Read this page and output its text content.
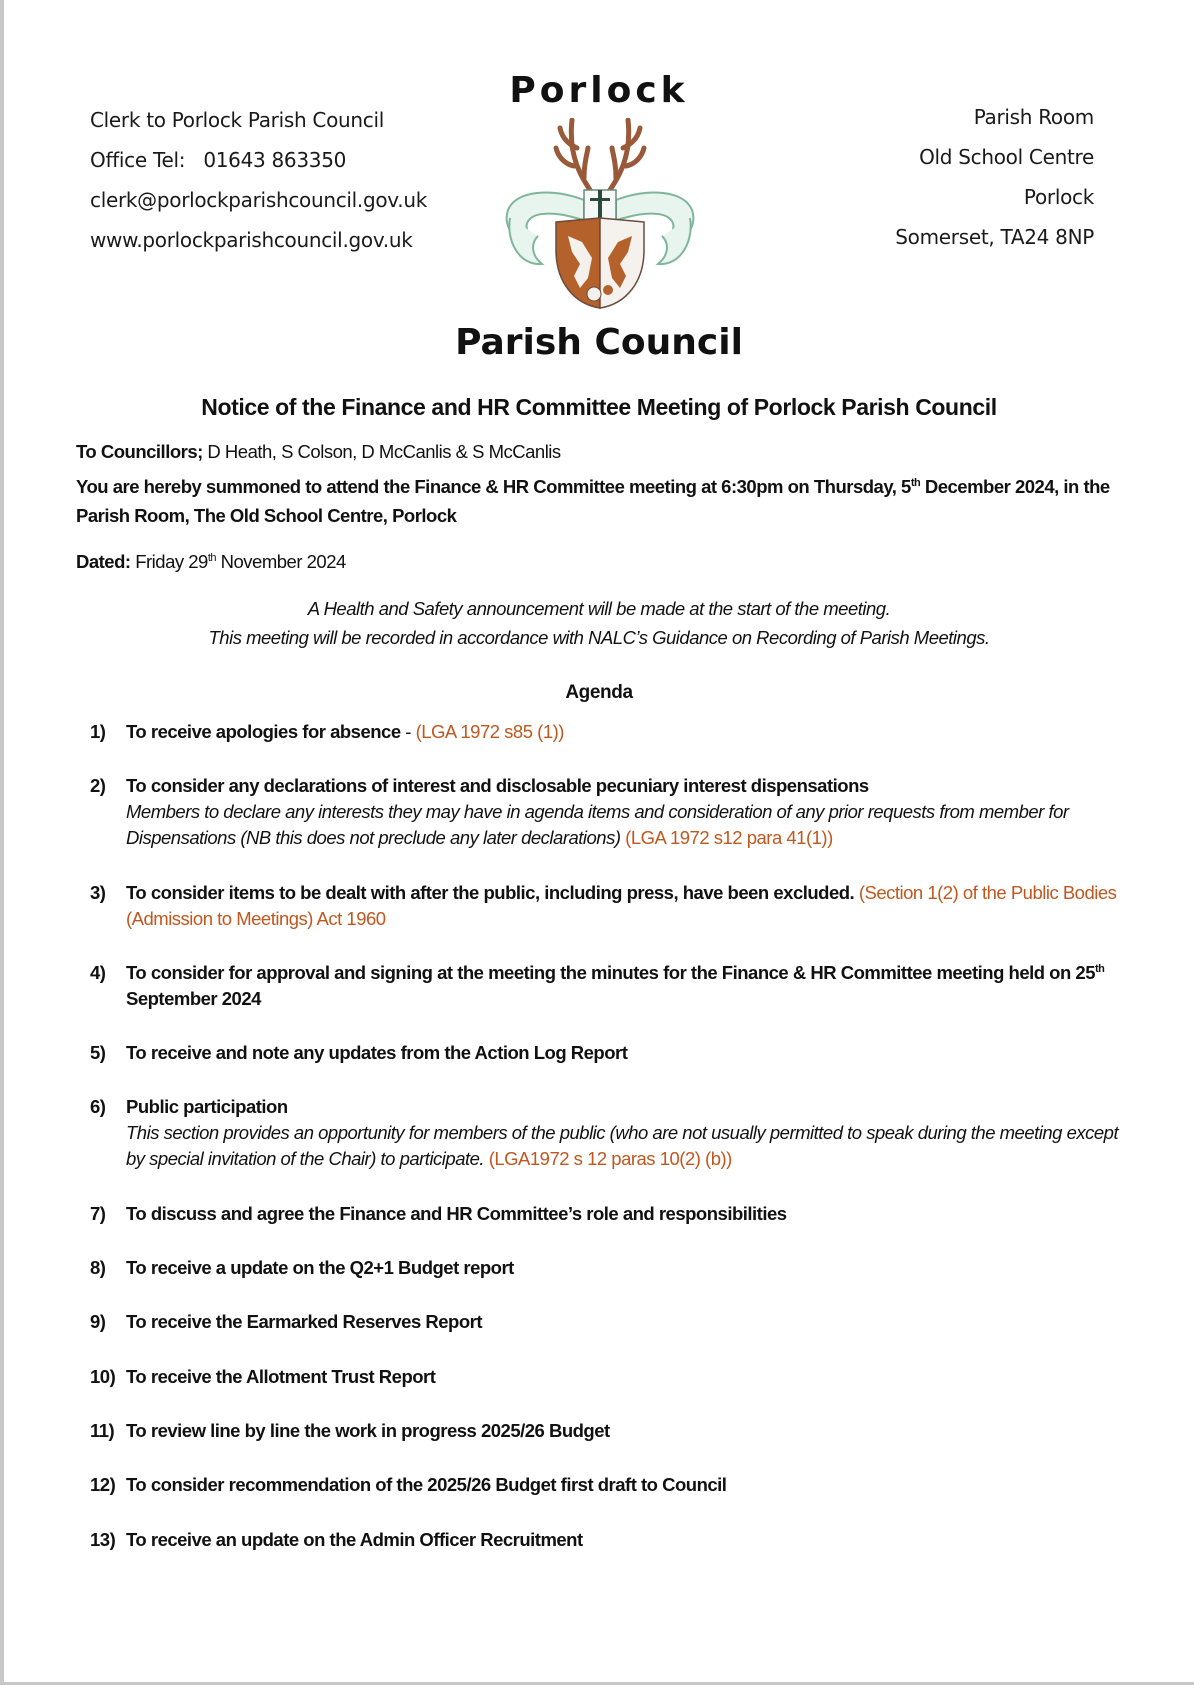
Clerk to Porlock Parish Council
Office Tel:   01643 863350
clerk@porlockparishcouncil.gov.uk
www.porlockparishcouncil.gov.uk
Porlock
Parish Council
Parish Room
Old School Centre
Porlock
Somerset, TA24 8NP
Notice of the Finance and HR Committee Meeting of Porlock Parish Council
To Councillors; D Heath, S Colson, D McCanlis & S McCanlis
You are hereby summoned to attend the Finance & HR Committee meeting at 6:30pm on Thursday, 5th December 2024, in the Parish Room, The Old School Centre, Porlock
Dated: Friday 29th November 2024
A Health and Safety announcement will be made at the start of the meeting.
This meeting will be recorded in accordance with NALC’s Guidance on Recording of Parish Meetings.
Agenda
1)	To receive apologies for absence - (LGA 1972 s85 (1))
2)	To consider any declarations of interest and disclosable pecuniary interest dispensations
Members to declare any interests they may have in agenda items and consideration of any prior requests from member for Dispensations (NB this does not preclude any later declarations) (LGA 1972 s12 para 41(1))
3)	To consider items to be dealt with after the public, including press, have been excluded. (Section 1(2) of the Public Bodies (Admission to Meetings) Act 1960
4)	To consider for approval and signing at the meeting the minutes for the Finance & HR Committee meeting held on 25th September 2024
5)	To receive and note any updates from the Action Log Report
6)	Public participation
This section provides an opportunity for members of the public (who are not usually permitted to speak during the meeting except by special invitation of the Chair) to participate. (LGA1972 s 12 paras 10(2) (b))
7)	To discuss and agree the Finance and HR Committee’s role and responsibilities
8)	To receive a update on the Q2+1 Budget report
9)	To receive the Earmarked Reserves Report
10) To receive the Allotment Trust Report
11) To review line by line the work in progress 2025/26 Budget
12) To consider recommendation of the 2025/26 Budget first draft to Council
13) To receive an update on the Admin Officer Recruitment
